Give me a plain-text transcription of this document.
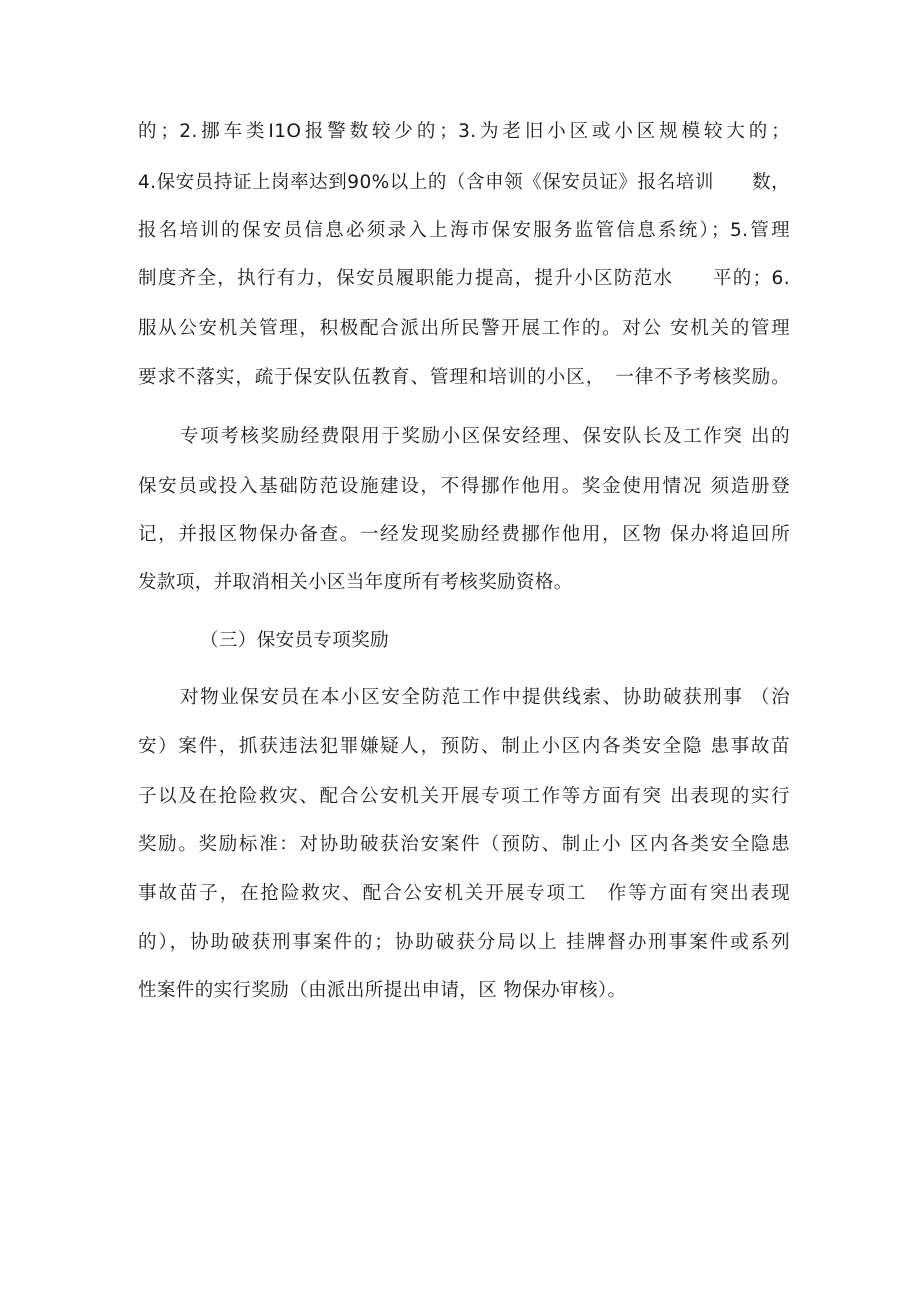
的；2.挪车类I1O报警数较少的；3.为老旧小区或小区规模较大的；
4.保安员持证上岗率达到90%以上的（含申领《保安员证》报名培训　　数，
报名培训的保安员信息必须录入上海市保安服务监管信息系统）；5.管理
制度齐全，执行有力，保安员履职能力提高，提升小区防范水　　平的；6.
服从公安机关管理，积极配合派出所民警开展工作的。对公 安机关的管理
要求不落实，疏于保安队伍教育、管理和培训的小区，　一律不予考核奖励。
专项考核奖励经费限用于奖励小区保安经理、保安队长及工作突 出的
保安员或投入基础防范设施建设，不得挪作他用。奖金使用情况 须造册登
记，并报区物保办备查。一经发现奖励经费挪作他用，区物 保办将追回所
发款项，并取消相关小区当年度所有考核奖励资格。
（三）保安员专项奖励
对物业保安员在本小区安全防范工作中提供线索、协助破获刑事 （治
安）案件，抓获违法犯罪嫌疑人，预防、制止小区内各类安全隐 患事故苗
子以及在抢险救灾、配合公安机关开展专项工作等方面有突 出表现的实行
奖励。奖励标准：对协助破获治安案件（预防、制止小 区内各类安全隐患
事故苗子，在抢险救灾、配合公安机关开展专项工　作等方面有突出表现
的），协助破获刑事案件的；协助破获分局以上 挂牌督办刑事案件或系列
性案件的实行奖励（由派出所提出申请，区 物保办审核）。
